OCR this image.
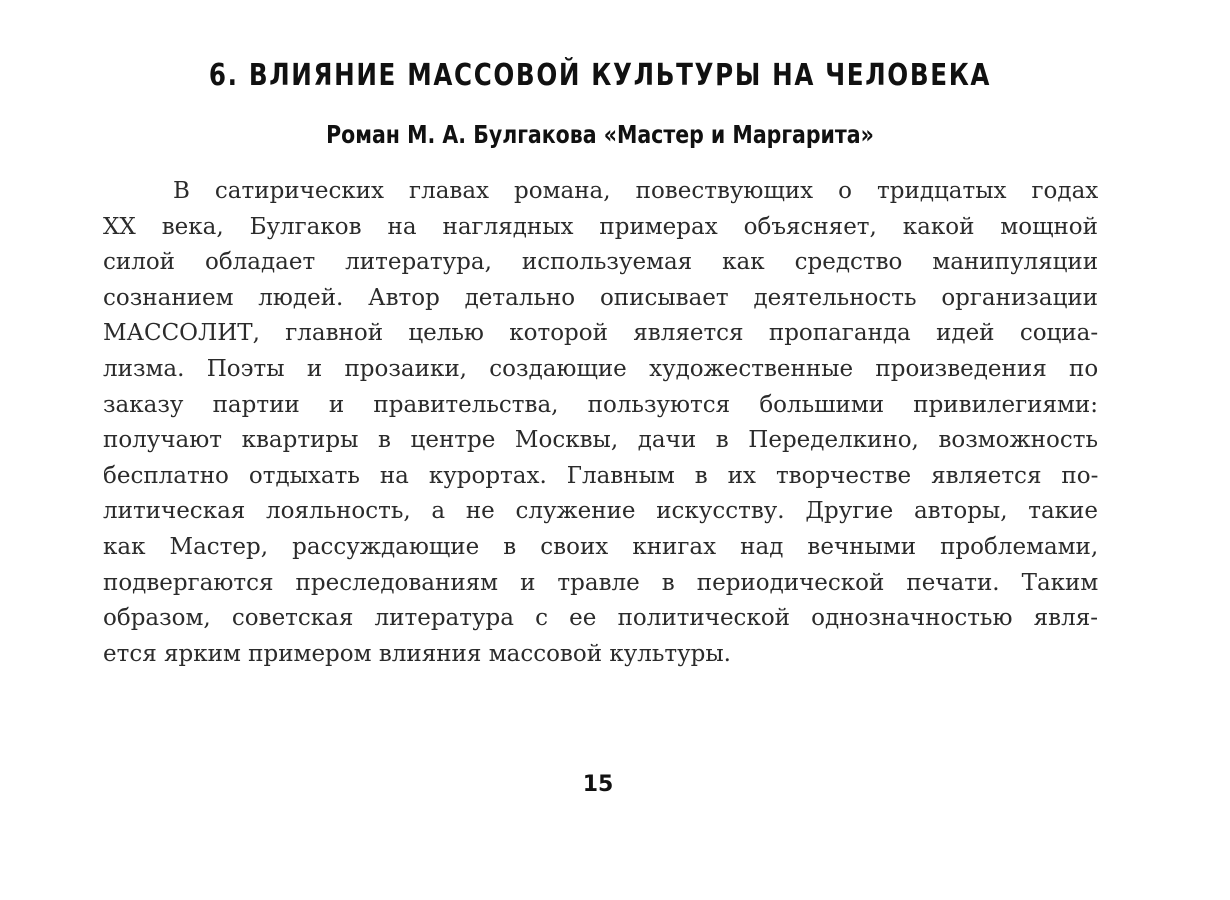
6. ВЛИЯНИЕ МАССОВОЙ КУЛЬТУРЫ НА ЧЕЛОВЕКА
Роман М. А. Булгакова «Мастер и Маргарита»
В сатирических главах романа, повествующих о тридцатых годах
XX века, Булгаков на наглядных примерах объясняет, какой мощной
силой обладает литература, используемая как средство манипуляции
сознанием людей. Автор детально описывает деятельность организации
МАССОЛИТ, главной целью которой является пропаганда идей социа-
лизма. Поэты и прозаики, создающие художественные произведения по
заказу партии и правительства, пользуются большими привилегиями:
получают квартиры в центре Москвы, дачи в Переделкино, возможность
бесплатно отдыхать на курортах. Главным в их творчестве является по-
литическая лояльность, а не служение искусству. Другие авторы, такие
как Мастер, рассуждающие в своих книгах над вечными проблемами,
подвергаются преследованиям и травле в периодической печати. Таким
образом, советская литература с ее политической однозначностью явля-
ется ярким примером влияния массовой культуры.
15
